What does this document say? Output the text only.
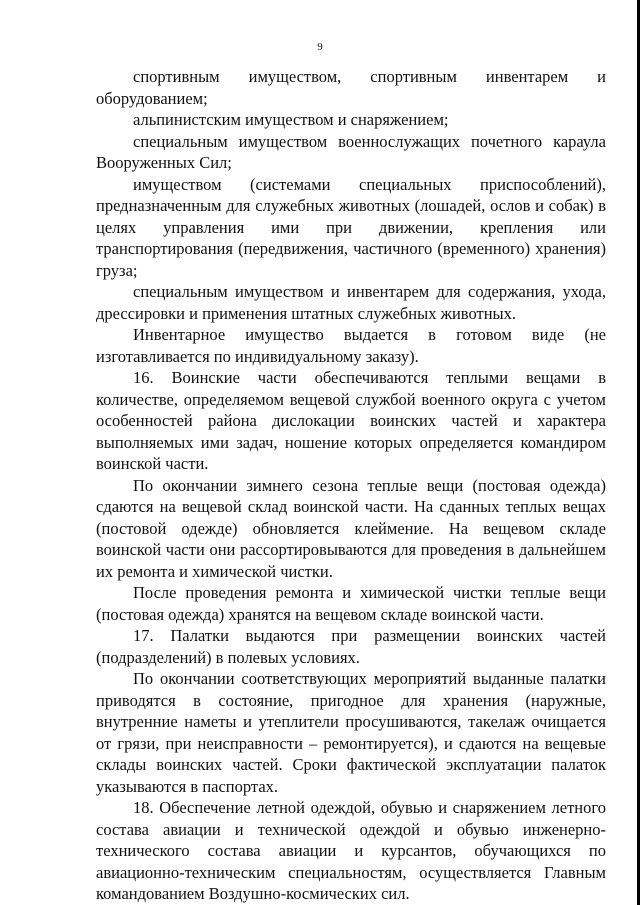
9

спортивным имуществом, спортивным инвентарем и оборудованием;

альпинистским имуществом и снаряжением;

специальным имуществом военнослужащих почетного караула Вооруженных Сил;

имуществом (системами специальных приспособлений), предназначенным для служебных животных (лошадей, ослов и собак) в целях управления ими при движении, крепления или транспортирования (передвижения, частичного (временного) хранения) груза;

специальным имуществом и инвентарем для содержания, ухода, дрессировки и применения штатных служебных животных.

Инвентарное имущество выдается в готовом виде (не изготавливается по индивидуальному заказу).

16. Воинские части обеспечиваются теплыми вещами в количестве, определяемом вещевой службой военного округа с учетом особенностей района дислокации воинских частей и характера выполняемых ими задач, ношение которых определяется командиром воинской части.

По окончании зимнего сезона теплые вещи (постовая одежда) сдаются на вещевой склад воинской части. На сданных теплых вещах (постовой одежде) обновляется клеймение. На вещевом складе воинской части они рассортировываются для проведения в дальнейшем их ремонта и химической чистки.

После проведения ремонта и химической чистки теплые вещи (постовая одежда) хранятся на вещевом складе воинской части.

17. Палатки выдаются при размещении воинских частей (подразделений) в полевых условиях.

По окончании соответствующих мероприятий выданные палатки приводятся в состояние, пригодное для хранения (наружные, внутренние наметы и утеплители просушиваются, такелаж очищается от грязи, при неисправности – ремонтируется), и сдаются на вещевые склады воинских частей. Сроки фактической эксплуатации палаток указываются в паспортах.

18. Обеспечение летной одеждой, обувью и снаряжением летного состава авиации и технической одеждой и обувью инженерно-технического состава авиации и курсантов, обучающихся по авиационно-техническим специальностям, осуществляется Главным командованием Воздушно-космических сил.
